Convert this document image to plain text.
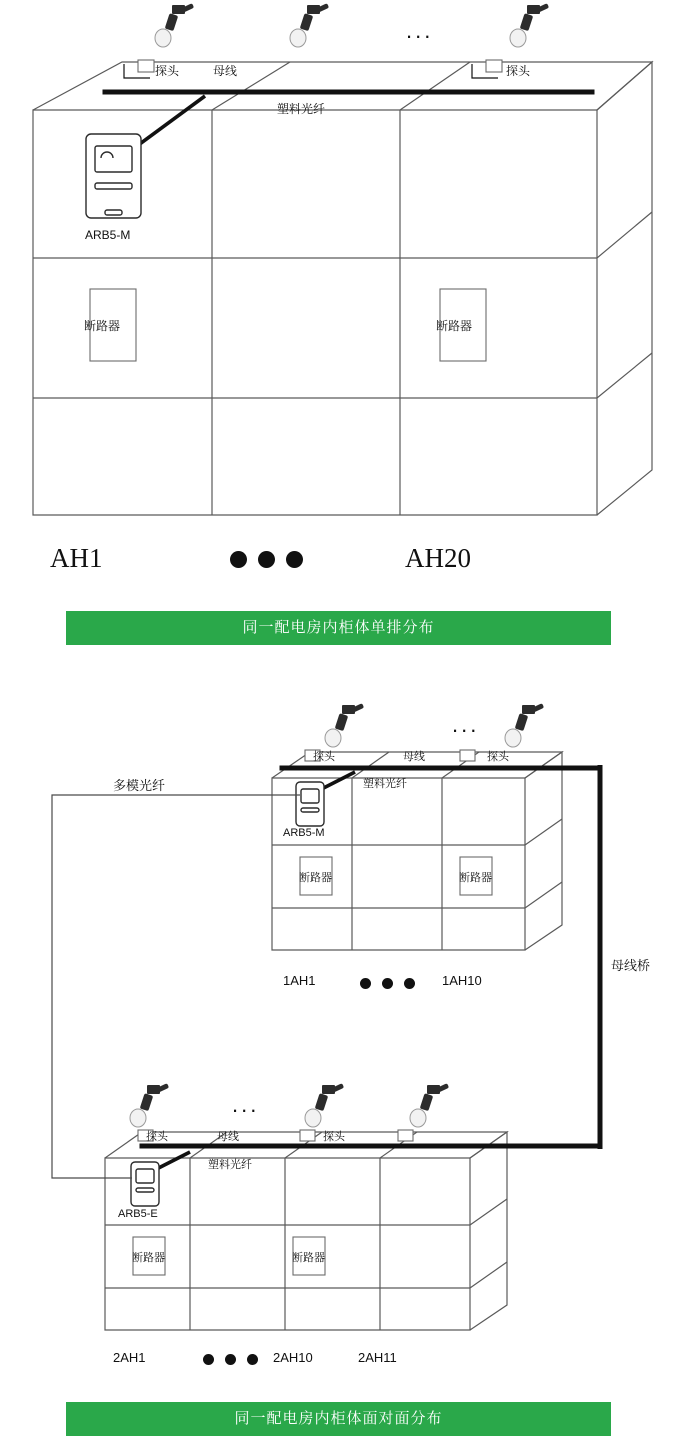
探头	母线	探头
塑料光纤
ARB5-M
断路器	断路器
AH1	AH20
...
同一配电房内柜体单排分布
多模光纤
母线桥
...
探头	母线	探头
塑料光纤
ARB5-M
断路器	断路器
1AH1	1AH10
...
探头	母线	探头
塑料光纤
ARB5-E
断路器	断路器
2AH1	2AH10	2AH11
同一配电房内柜体面对面分布
